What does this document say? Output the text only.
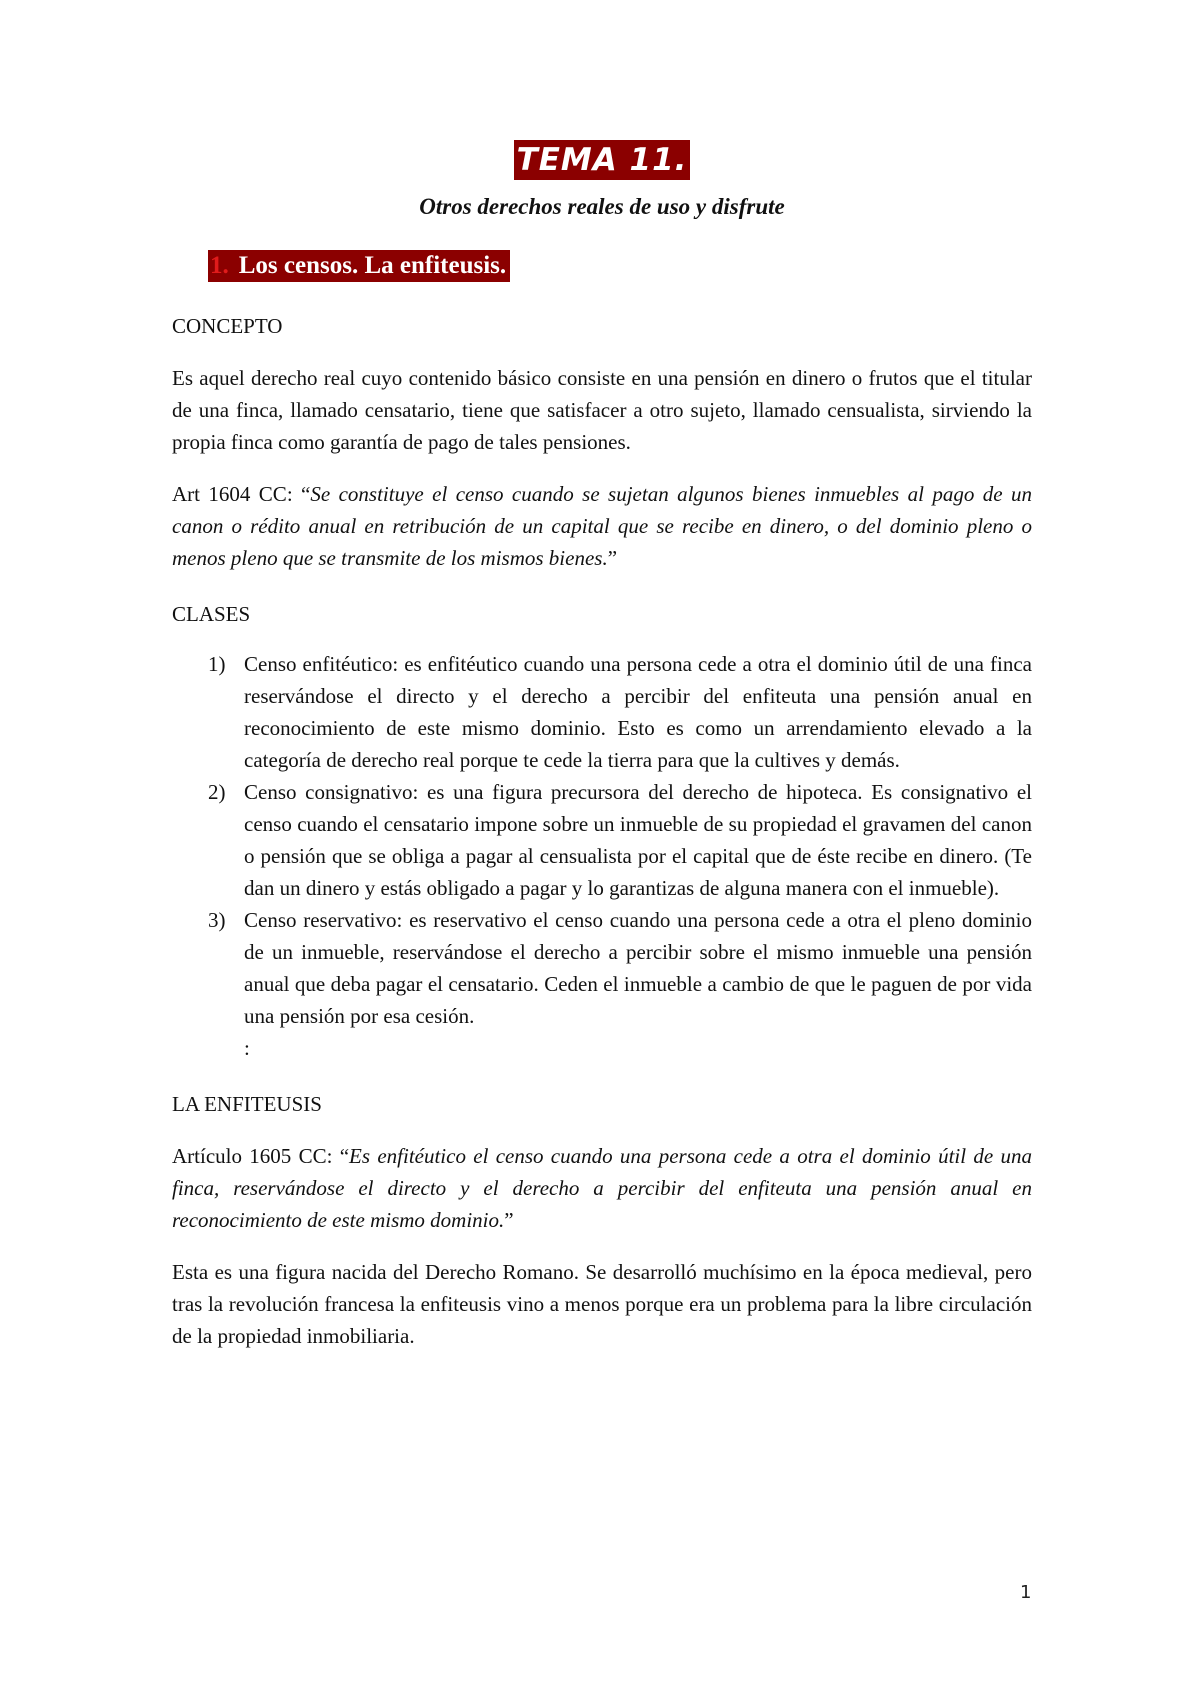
TEMA 11.

Otros derechos reales de uso y disfrute

1. Los censos. La enfiteusis.

CONCEPTO

Es aquel derecho real cuyo contenido básico consiste en una pensión en dinero o frutos que el titular de una finca, llamado censatario, tiene que satisfacer a otro sujeto, llamado censualista, sirviendo la propia finca como garantía de pago de tales pensiones.

Art 1604 CC: “Se constituye el censo cuando se sujetan algunos bienes inmuebles al pago de un canon o rédito anual en retribución de un capital que se recibe en dinero, o del dominio pleno o menos pleno que se transmite de los mismos bienes.”

CLASES

1) Censo enfitéutico: es enfitéutico cuando una persona cede a otra el dominio útil de una finca reservándose el directo y el derecho a percibir del enfiteuta una pensión anual en reconocimiento de este mismo dominio. Esto es como un arrendamiento elevado a la categoría de derecho real porque te cede la tierra para que la cultives y demás.
2) Censo consignativo: es una figura precursora del derecho de hipoteca. Es consignativo el censo cuando el censatario impone sobre un inmueble de su propiedad el gravamen del canon o pensión que se obliga a pagar al censualista por el capital que de éste recibe en dinero. (Te dan un dinero y estás obligado a pagar y lo garantizas de alguna manera con el inmueble).
3) Censo reservativo: es reservativo el censo cuando una persona cede a otra el pleno dominio de un inmueble, reservándose el derecho a percibir sobre el mismo inmueble una pensión anual que deba pagar el censatario. Ceden el inmueble a cambio de que le paguen de por vida una pensión por esa cesión.

:

LA ENFITEUSIS

Artículo 1605 CC: “Es enfitéutico el censo cuando una persona cede a otra el dominio útil de una finca, reservándose el directo y el derecho a percibir del enfiteuta una pensión anual en reconocimiento de este mismo dominio.”

Esta es una figura nacida del Derecho Romano. Se desarrolló muchísimo en la época medieval, pero tras la revolución francesa la enfiteusis vino a menos porque era un problema para la libre circulación de la propiedad inmobiliaria.

1
